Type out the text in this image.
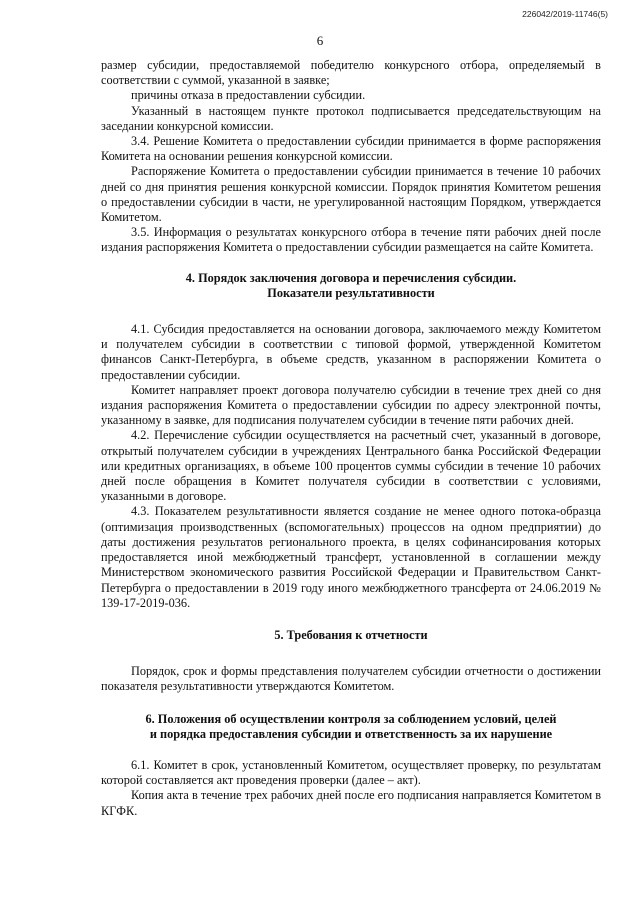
226042/2019-11746(5)
6

размер субсидии, предоставляемой победителю конкурсного отбора, определяемый в соответствии с суммой, указанной в заявке;

причины отказа в предоставлении субсидии.

Указанный в настоящем пункте протокол подписывается председательствующим на заседании конкурсной комиссии.

3.4. Решение Комитета о предоставлении субсидии принимается в форме распоряжения Комитета на основании решения конкурсной комиссии.

Распоряжение Комитета о предоставлении субсидии принимается в течение 10 рабочих дней со дня принятия решения конкурсной комиссии. Порядок принятия Комитетом решения о предоставлении субсидии в части, не урегулированной настоящим Порядком, утверждается Комитетом.

3.5. Информация о результатах конкурсного отбора в течение пяти рабочих дней после издания распоряжения Комитета о предоставлении субсидии размещается на сайте Комитета.

4. Порядок заключения договора и перечисления субсидии.
Показатели результативности

4.1. Субсидия предоставляется на основании договора, заключаемого между Комитетом и получателем субсидии в соответствии с типовой формой, утвержденной Комитетом финансов Санкт-Петербурга, в объеме средств, указанном в распоряжении Комитета о предоставлении субсидии.

Комитет направляет проект договора получателю субсидии в течение трех дней со дня издания распоряжения Комитета о предоставлении субсидии по адресу электронной почты, указанному в заявке, для подписания получателем субсидии в течение пяти рабочих дней.

4.2. Перечисление субсидии осуществляется на расчетный счет, указанный в договоре, открытый получателем субсидии в учреждениях Центрального банка Российской Федерации или кредитных организациях, в объеме 100 процентов суммы субсидии в течение 10 рабочих дней после обращения в Комитет получателя субсидии в соответствии с условиями, указанными в договоре.

4.3. Показателем результативности является создание не менее одного потока-образца (оптимизация производственных (вспомогательных) процессов на одном предприятии) до даты достижения результатов регионального проекта, в целях софинансирования которых предоставляется иной межбюджетный трансферт, установленной в соглашении между Министерством экономического развития Российской Федерации и Правительством Санкт-Петербурга о предоставлении в 2019 году иного межбюджетного трансферта от 24.06.2019 № 139-17-2019-036.

5. Требования к отчетности

Порядок, срок и формы представления получателем субсидии отчетности о достижении показателя результативности утверждаются Комитетом.

6. Положения об осуществлении контроля за соблюдением условий, целей
и порядка предоставления субсидии и ответственность за их нарушение

6.1. Комитет в срок, установленный Комитетом, осуществляет проверку, по результатам которой составляется акт проведения проверки (далее – акт).

Копия акта в течение трех рабочих дней после его подписания направляется Комитетом в КГФК.
